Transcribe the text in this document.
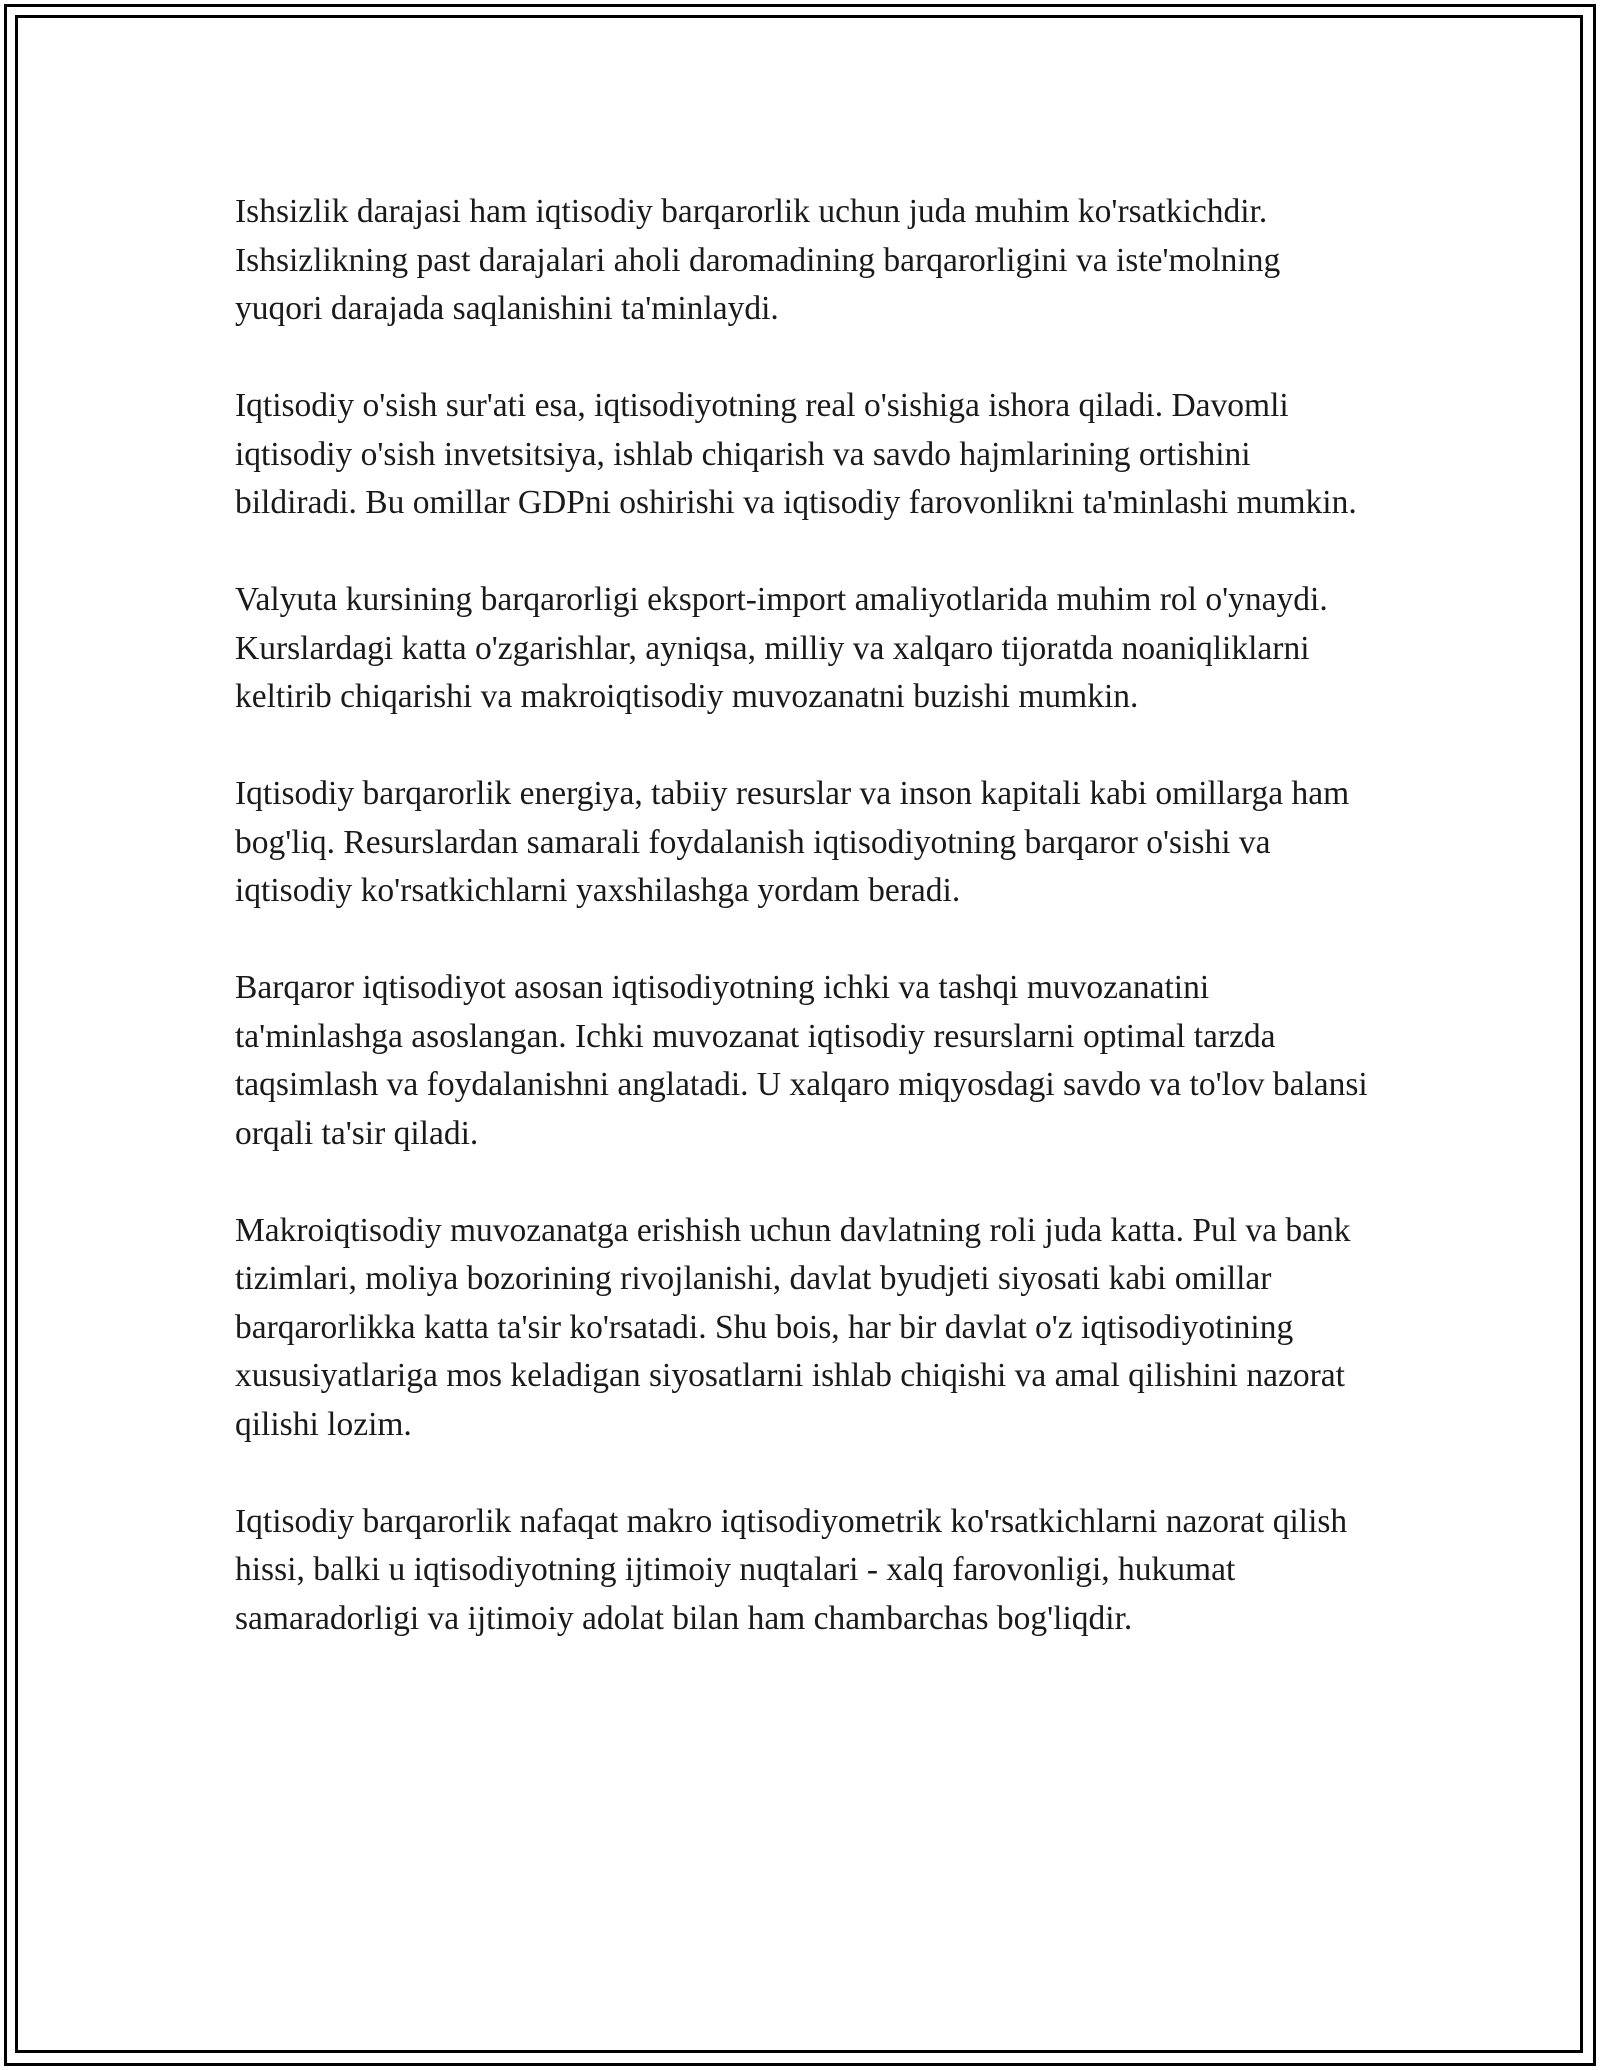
Ishsizlik darajasi ham iqtisodiy barqarorlik uchun juda muhim ko'rsatkichdir. Ishsizlikning past darajalari aholi daromadining barqarorligini va iste'molning yuqori darajada saqlanishini ta'minlaydi.

Iqtisodiy o'sish sur'ati esa, iqtisodiyotning real o'sishiga ishora qiladi. Davomli iqtisodiy o'sish invetsitsiya, ishlab chiqarish va savdo hajmlarining ortishini bildiradi. Bu omillar GDPni oshirishi va iqtisodiy farovonlikni ta'minlashi mumkin.

Valyuta kursining barqarorligi eksport-import amaliyotlarida muhim rol o'ynaydi. Kurslardagi katta o'zgarishlar, ayniqsa, milliy va xalqaro tijoratda noaniqliklarni keltirib chiqarishi va makroiqtisodiy muvozanatni buzishi mumkin.

Iqtisodiy barqarorlik energiya, tabiiy resurslar va inson kapitali kabi omillarga ham bog'liq. Resurslardan samarali foydalanish iqtisodiyotning barqaror o'sishi va iqtisodiy ko'rsatkichlarni yaxshilashga yordam beradi.

Barqaror iqtisodiyot asosan iqtisodiyotning ichki va tashqi muvozanatini ta'minlashga asoslangan. Ichki muvozanat iqtisodiy resurslarni optimal tarzda taqsimlash va foydalanishni anglatadi. U xalqaro miqyosdagi savdo va to'lov balansi orqali ta'sir qiladi.

Makroiqtisodiy muvozanatga erishish uchun davlatning roli juda katta. Pul va bank tizimlari, moliya bozorining rivojlanishi, davlat byudjeti siyosati kabi omillar barqarorlikka katta ta'sir ko'rsatadi. Shu bois, har bir davlat o'z iqtisodiyotining xususiyatlariga mos keladigan siyosatlarni ishlab chiqishi va amal qilishini nazorat qilishi lozim.

Iqtisodiy barqarorlik nafaqat makro iqtisodiyometrik ko'rsatkichlarni nazorat qilish hissi, balki u iqtisodiyotning ijtimoiy nuqtalari - xalq farovonligi, hukumat samaradorligi va ijtimoiy adolat bilan ham chambarchas bog'liqdir.
